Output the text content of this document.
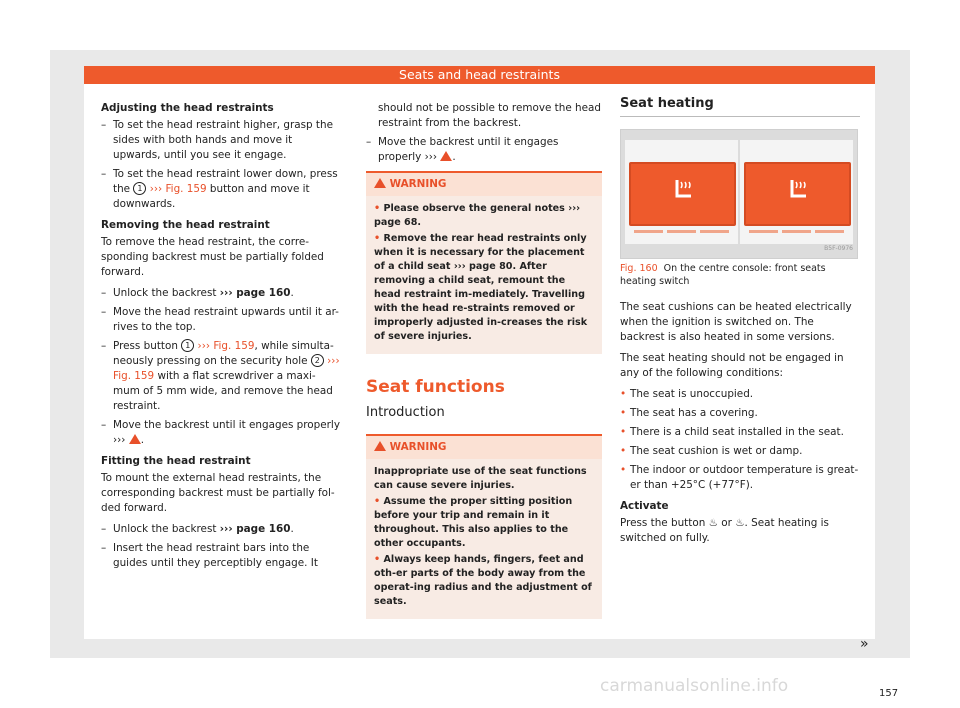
Seats and head restraints
Adjusting the head restraints
– To set the head restraint higher, grasp the sides with both hands and move it upwards, until you see it engage.
– To set the head restraint lower down, press the 1 ››› Fig. 159 button and move it downwards.
Removing the head restraint

To remove the head restraint, the corre-sponding backrest must be partially folded forward.

– Unlock the backrest ››› page 160.
– Move the head restraint upwards until it ar-rives to the top.
– Press button 1 ››› Fig. 159, while simulta-neously pressing on the security hole 2 ››› Fig. 159 with a flat screwdriver a maxi-mum of 5 mm wide, and remove the head restraint.
– Move the backrest until it engages properly ››› .
Fitting the head restraint

To mount the external head restraints, the corresponding backrest must be partially fol-ded forward.

– Unlock the backrest ››› page 160.
– Insert the head restraint bars into the guides until they perceptibly engage. It
should not be possible to remove the head restraint from the backrest.
– Move the backrest until it engages properly ››› .
WARNING
• Please observe the general notes ››› page 68.
• Remove the rear head restraints only when it is necessary for the placement of a child seat ››› page 80. After removing a child seat, remount the head restraint im-mediately. Travelling with the head re-straints removed or improperly adjusted in-creases the risk of severe injuries.
Seat functions
Introduction
WARNING
Inappropriate use of the seat functions can cause severe injuries.
• Assume the proper sitting position before your trip and remain in it throughout. This also applies to the other occupants.
• Always keep hands, fingers, feet and oth-er parts of the body away from the operat-ing radius and the adjustment of seats.
Seat heating
B5F-0976
Fig. 160 On the centre console: front seats heating switch

The seat cushions can be heated electrically when the ignition is switched on. The backrest is also heated in some versions.

The seat heating should not be engaged in any of the following conditions:

• The seat is unoccupied.
• The seat has a covering.
• There is a child seat installed in the seat.
• The seat cushion is wet or damp.
• The indoor or outdoor temperature is great-er than +25°C (+77°F).
Activate

Press the button ♨ or ♨. Seat heating is switched on fully.

»
157
carmanualsonline.info
